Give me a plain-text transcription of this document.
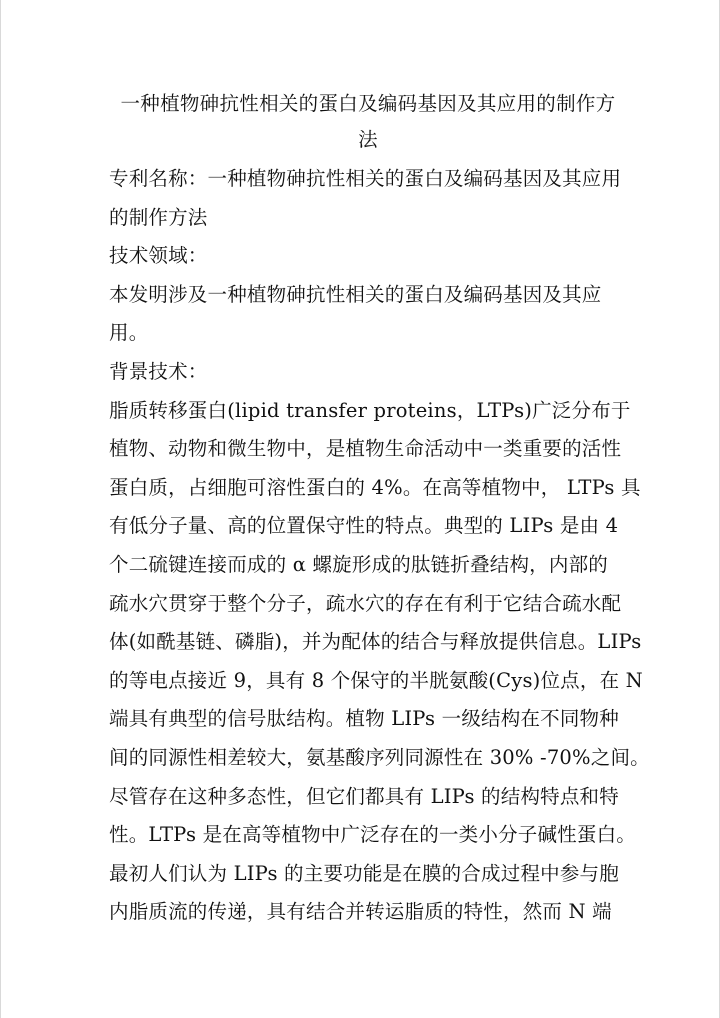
一种植物砷抗性相关的蛋白及编码基因及其应用的制作方

法

专利名称：一种植物砷抗性相关的蛋白及编码基因及其应用

的制作方法

技术领域：

本发明涉及一种植物砷抗性相关的蛋白及编码基因及其应

用。

背景技术：

脂质转移蛋白(lipid transfer proteins，LTPs)广泛分布于

植物、动物和微生物中，是植物生命活动中一类重要的活性

蛋白质，占细胞可溶性蛋白的 4%。在高等植物中， LTPs 具

有低分子量、高的位置保守性的特点。典型的 LIPs 是由 4

个二硫键连接而成的 α 螺旋形成的肽链折叠结构，内部的

疏水穴贯穿于整个分子，疏水穴的存在有利于它结合疏水配

体(如酰基链、磷脂)，并为配体的结合与释放提供信息。LIPs

的等电点接近 9，具有 8 个保守的半胱氨酸(Cys)位点，在 N

端具有典型的信号肽结构。植物 LIPs 一级结构在不同物种

间的同源性相差较大，氨基酸序列同源性在 30% -70%之间。

尽管存在这种多态性，但它们都具有 LIPs 的结构特点和特

性。LTPs 是在高等植物中广泛存在的一类小分子碱性蛋白。

最初人们认为 LIPs 的主要功能是在膜的合成过程中参与胞

内脂质流的传递，具有结合并转运脂质的特性，然而 N 端
